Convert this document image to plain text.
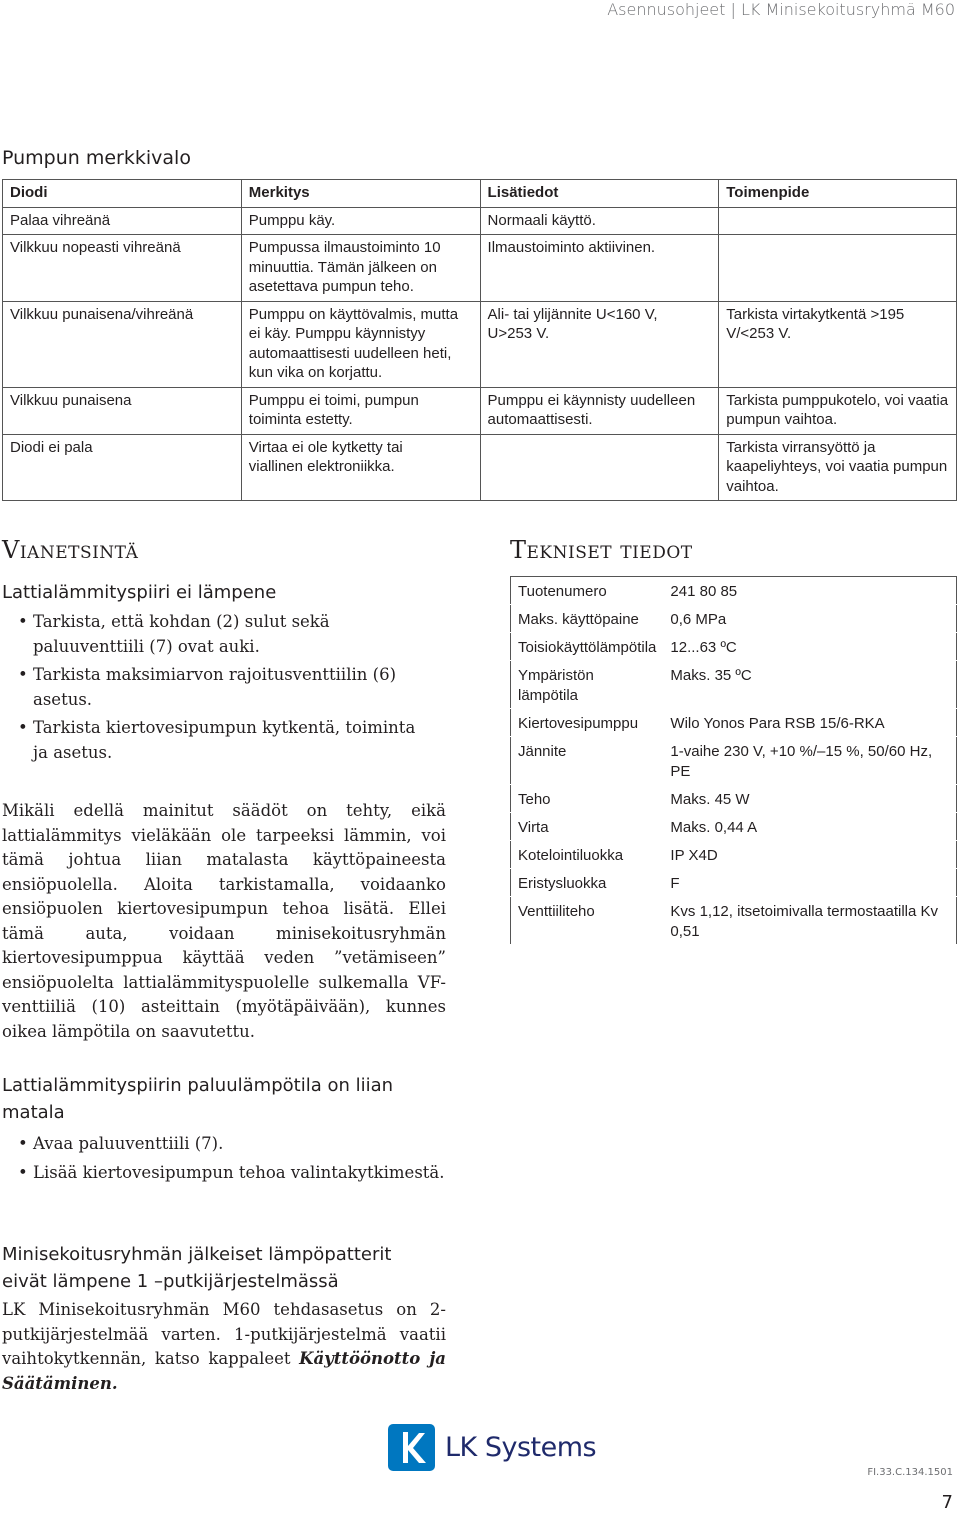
Asennusohjeet | LK Minisekoitusryhmä M60
Pumpun merkkivalo
Diodi	Merkitys	Lisätiedot	Toimenpide
Palaa vihreänä	Pumppu käy.	Normaali käyttö.	
Vilkkuu nopeasti vihreänä	Pumpussa ilmaustoiminto 10 minuuttia. Tämän jälkeen on asetettava pumpun teho.	Ilmaustoiminto aktiivinen.	
Vilkkuu punaisena/vihreänä	Pumppu on käyttövalmis, mutta ei käy. Pumppu käynnistyy automaattisesti uudelleen heti, kun vika on korjattu.	Ali- tai ylijännite U<160 V, U>253 V.	Tarkista virtakytkentä >195 V/<253 V.
Vilkkuu punaisena	Pumppu ei toimi, pumpun toiminta estetty.	Pumppu ei käynnisty uudelleen automaattisesti.	Tarkista pumppukotelo, voi vaatia pumpun vaihtoa.
Diodi ei pala	Virtaa ei ole kytketty tai viallinen elektroniikka.		Tarkista virransyöttö ja kaapeliyhteys, voi vaatia pumpun vaihtoa.
Vianetsintä
Lattialämmityspiiri ei lämpene
• Tarkista, että kohdan (2) sulut sekä paluuventtiili (7) ovat auki.
• Tarkista maksimiarvon rajoitusventtiilin (6) asetus.
• Tarkista kiertovesipumpun kytkentä, toiminta ja asetus.
Mikäli edellä mainitut säädöt on tehty, eikä lattialämmitys vieläkään ole tarpeeksi lämmin, voi tämä johtua liian matalasta käyttöpaineesta ensiöpuolella. Aloita tarkistamalla, voidaanko ensiöpuolen kiertovesipumpun tehoa lisätä. Ellei tämä auta, voidaan minisekoitusryhmän kiertovesipumppua käyttää veden ”vetämiseen” ensiöpuolelta lattialämmityspuolelle sulkemalla VF-venttiiliä (10) asteittain (myötäpäivään), kunnes oikea lämpötila on saavutettu.
Lattialämmityspiirin paluulämpötila on liian matala
• Avaa paluuventtiili (7).
• Lisää kiertovesipumpun tehoa valintakytkimestä.
Minisekoitusryhmän jälkeiset lämpöpatterit eivät lämpene 1 –putkijärjestelmässä
LK Minisekoitusryhmän M60 tehdasasetus on 2-putkijärjestelmää varten. 1-putkijärjestelmä vaatii vaihtokytkennän, katso kappaleet Käyttöönotto ja Säätäminen.
Tekniset tiedot
Tuotenumero	241 80 85
Maks. käyttöpaine	0,6 MPa
Toisiokäyttölämpötila	12...63 ºC
Ympäristön lämpötila	Maks. 35 ºC
Kiertovesipumppu	Wilo Yonos Para RSB 15/6-RKA
Jännite	1-vaihe 230 V, +10 %/–15 %, 50/60 Hz, PE
Teho	Maks. 45 W
Virta	Maks. 0,44 A
Kotelointiluokka	IP X4D
Eristysluokka	F
Venttiiliteho	Kvs 1,12, itsetoimivalla termostaatilla Kv 0,51
LK Systems
FI.33.C.134.1501
7
